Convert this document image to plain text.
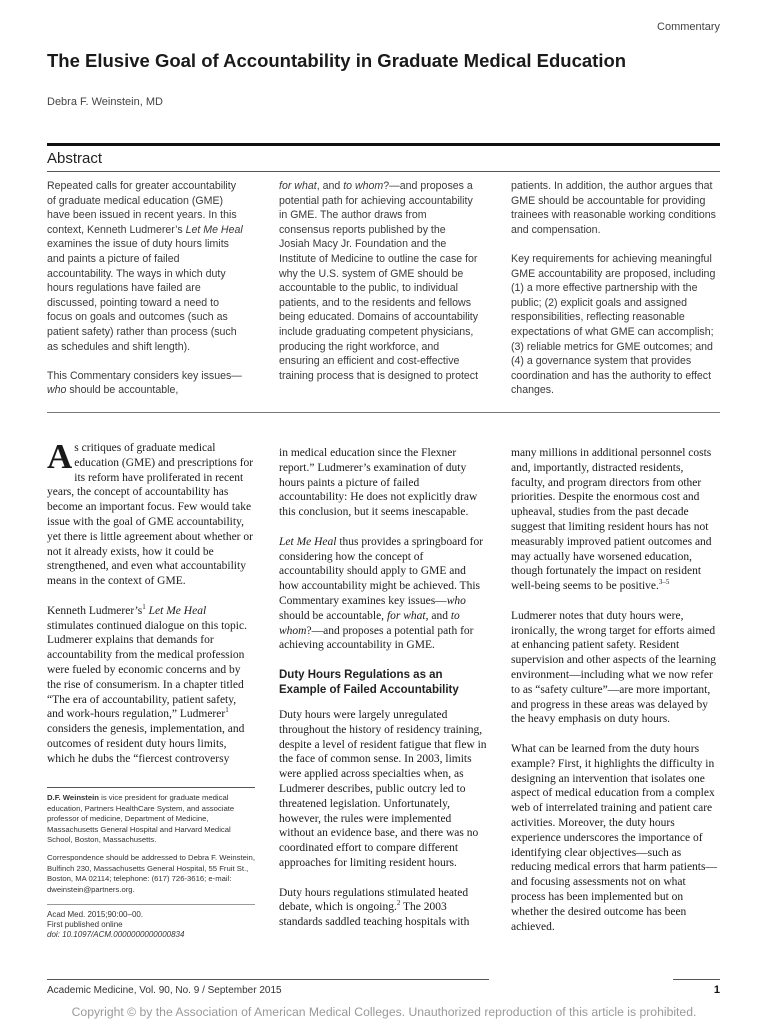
Commentary
The Elusive Goal of Accountability in Graduate Medical Education
Debra F. Weinstein, MD
Abstract

Repeated calls for greater accountability of graduate medical education (GME) have been issued in recent years. In this context, Kenneth Ludmerer’s Let Me Heal examines the issue of duty hours limits and paints a picture of failed accountability. The ways in which duty hours regulations have failed are discussed, pointing toward a need to focus on goals and outcomes (such as patient safety) rather than process (such as schedules and shift length).

This Commentary considers key issues—who should be accountable,

for what, and to whom?—and proposes a potential path for achieving accountability in GME. The author draws from consensus reports published by the Josiah Macy Jr. Foundation and the Institute of Medicine to outline the case for why the U.S. system of GME should be accountable to the public, to individual patients, and to the residents and fellows being educated. Domains of accountability include graduating competent physicians, producing the right workforce, and ensuring an efficient and cost-effective training process that is designed to protect

patients. In addition, the author argues that GME should be accountable for providing trainees with reasonable working conditions and compensation.

Key requirements for achieving meaningful GME accountability are proposed, including (1) a more effective partnership with the public; (2) explicit goals and assigned responsibilities, reflecting reasonable expectations of what GME can accomplish; (3) reliable metrics for GME outcomes; and (4) a governance system that provides coordination and has the authority to effect changes.

As critiques of graduate medical education (GME) and prescriptions for its reform have proliferated in recent years, the concept of accountability has become an important focus. Few would take issue with the goal of GME accountability, yet there is little agreement about whether or not it already exists, how it could be strengthened, and even what accountability means in the context of GME.

Kenneth $Ludmerer’s^1$ Let Me Heal stimulates continued dialogue on this topic. Ludmerer explains that demands for accountability from the medical profession were fueled by economic concerns and by the rise of consumerism. In a chapter titled “The era of accountability, patient safety, and work-hours regulation,” Ludmerer$^1$ considers the genesis, implementation, and outcomes of resident duty hours limits, which he dubs the “fiercest controversy

in medical education since the Flexner report.” Ludmerer’s examination of duty hours paints a picture of failed accountability: He does not explicitly draw this conclusion, but it seems inescapable.

Let Me Heal thus provides a springboard for considering how the concept of accountability should apply to GME and how accountability might be achieved. This Commentary examines key issues—who should be accountable, for what, and to whom?—and proposes a potential path for achieving accountability in GME.

Duty Hours Regulations as an Example of Failed Accountability

Duty hours were largely unregulated throughout the history of residency training, despite a level of resident fatigue that flew in the face of common sense. In 2003, limits were applied across specialties when, as Ludmerer describes, public outcry led to threatened legislation. Unfortunately, however, the rules were implemented without an evidence base, and there was no coordinated effort to compare different approaches for limiting resident hours.

Duty hours regulations stimulated heated debate, which is ongoing.$^2$ The 2003 standards saddled teaching hospitals with

many millions in additional personnel costs and, importantly, distracted residents, faculty, and program directors from other priorities. Despite the enormous cost and upheaval, studies from the past decade suggest that limiting resident hours has not measurably improved patient outcomes and may actually have worsened education, though fortunately the impact on resident well-being seems to be positive.$^{3-5}$

Ludmerer notes that duty hours were, ironically, the wrong target for efforts aimed at enhancing patient safety. Resident supervision and other aspects of the learning environment—including what we now refer to as “safety culture”—are more important, and progress in these areas was delayed by the heavy emphasis on duty hours.

What can be learned from the duty hours example? First, it highlights the difficulty in designing an intervention that isolates one aspect of medical education from a complex web of interrelated training and patient care activities. Moreover, the duty hours experience underscores the importance of identifying clear objectives—such as reducing medical errors that harm patients—and focusing assessments not on what process has been implemented but on whether the desired outcome has been achieved.

D.F. Weinstein is vice president for graduate medical education, Partners HealthCare System, and associate professor of medicine, Department of Medicine, Massachusetts General Hospital and Harvard Medical School, Boston, Massachusetts.

Correspondence should be addressed to Debra F. Weinstein, Bulfinch 230, Massachusetts General Hospital, 55 Fruit St., Boston, MA 02114; telephone: (617) 726-3616; e-mail: dweinstein@partners.org.

Acad Med. 2015;90:00–00.
First published online
doi: 10.1097/ACM.0000000000000834
Academic Medicine, Vol. 90, No. 9 / September 2015	1
Copyright © by the Association of American Medical Colleges. Unauthorized reproduction of this article is prohibited.
